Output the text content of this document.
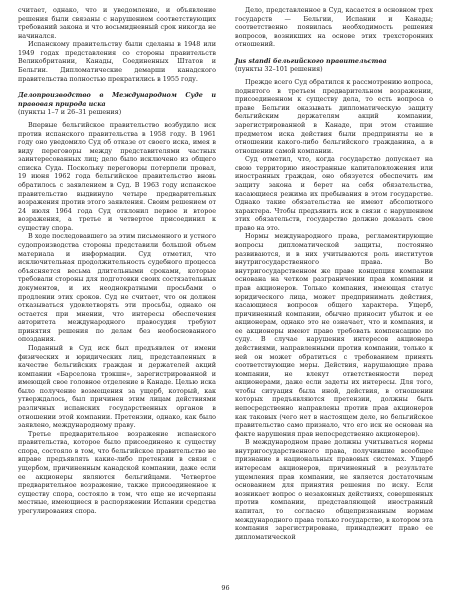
считает, однако, что и уведомление, и объявление решения были связаны с нарушением соответствующих требований закона и что восьмидневный срок никогда не начинался.

Испанскому правительству были сделаны в 1948 или 1949 годах представления со стороны правительств Великобритании, Канады, Соединенных Штатов и Бельгии. Дипломатические демарши канадского правительства полностью прекратились в 1955 году.

Делопроизводство в Международном Суде и правовая природа иска

(пункты 1–7 и 26–31 решения)

Впервые бельгийское правительство возбудило иск против испанского правительства в 1958 году. В 1961 году оно уведомило Суд об отказе от своего иска, имея в виду переговоры между представителями частных заинтересованных лиц; дело было исключено из общего списка Суда. Поскольку переговоры потерпели провал, 19 июня 1962 года бельгийское правительство вновь обратилось с заявлением в Суд. В 1963 году испанское правительство выдвинуло четыре предварительных возражения против этого заявления. Своим решением от 24 июля 1964 года Суд отклонил первое и второе возражения, а третье и четвертое присоединил к существу спора.

В ходе последовавшего за этим письменного и устного судопроизводства стороны представили большой объем материала и информации. Суд отметил, что исключительная продолжительность судебного процесса объясняется весьма длительными сроками, которые требовали стороны для подготовки своих состязательных документов, и их неоднократными просьбами о продлении этих сроков. Суд не считает, что он должен отказываться удовлетворять эти просьбы, однако он остается при мнении, что интересы обеспечения авторитета международного правосудия требуют принятия решения по делам без необоснованного опоздания.

Поданный в Суд иск был предъявлен от имени физических и юридических лиц, представленных в качестве бельгийских граждан и держателей акций компании «Барселона трэкшн», зарегистрированной и имеющей свое головное отделение в Канаде. Целью иска было получение возмещения за ущерб, который, как утверждалось, был причинен этим лицам действиями различных испанских государственных органов в отношении этой компании. Претензии, однако, как было заявлено, международному праву.

Третье предварительное возражение испанского правительства, которое было присоединено к существу спора, состояло в том, что бельгийское правительство не вправе предъявлять какие-либо претензии в связи с ущербом, причиненным канадской компании, даже если ее акционеры являются бельгийцами. Четвертое предварительное возражение, также присоединенное к существу спора, состояло в том, что еще не исчерпаны местные, имеющиеся в распоряжении Испании средства урегулирования спора.

Дело, представленное в Суд, касается в основном трех государств — Бельгии, Испании и Канады; соответственно появилась необходимость решения вопросов, возникших на основе этих трехсторонних отношений.

Jus standi бельгийского правительства

(пункты 32–101 решения)

Прежде всего Суд обратился к рассмотрению вопроса, поднятого в третьем предварительном возражении, присоединенном к существу дела, то есть вопроса о праве Бельгии оказывать дипломатическую защиту бельгийским держателям акций компании, зарегистрированной в Канаде, при этом ставшие предметом иска действия были предприняты не в отношении какого-либо бельгийского гражданина, а в отношении самой компании.

Суд отметил, что, когда государство допускает на свою территорию иностранные капиталовложения или иностранных граждан, оно обязуется обеспечить им защиту закона и берет на себя обязательства, касающиеся режима их пребывания в этом государстве. Однако такие обязательства не имеют абсолютного характера. Чтобы предъявить иск в связи с нарушением этих обязательств, государство должно доказать свое право на это.

Нормы международного права, регламентирующие вопросы дипломатической защиты, постоянно развиваются, и в них учитываются роль институтов внутригосударственного права. Во внутригосударственном же праве концепция компании основана на четком разграничении прав компании и прав акционеров. Только компания, имеющая статус юридического лица, может предпринимать действия, касающиеся вопросов общего характера. Ущерб, причиненный компании, обычно приносит убыток и ее акционерам, однако это не означает, что и компания, и ее акционеры имеют право требовать компенсацию по суду. В случае нарушения интересов акционера действиями, направленными против компании, только к ней он может обратиться с требованием принять соответствующие меры. Действия, нарушающие права компании, не влекут ответственности перед акционерами, даже если задеты их интересы. Для того, чтобы ситуация была иной, действия, в отношении которых предъявляются претензии, должны быть непосредственно направлены против прав акционеров как таковых (чего нет в настоящем деле, но бельгийское правительство само признало, что его иск не основан на факте нарушения прав непосредственно акционеров).

В международном праве должны учитываться нормы внутригосударственного права, получившие всеобщее признание в национальных правовых системах. Ущерб интересам акционеров, причиненный в результате ущемления прав компании, не является достаточным основанием для принятия решения по иску. Если возникает вопрос о незаконных действиях, совершенных против компании, представляющей иностранный капитал, то согласно общепризнанным нормам международного права только государство, в котором эта компания зарегистрирована, принадлежит право ее дипломатической

96
